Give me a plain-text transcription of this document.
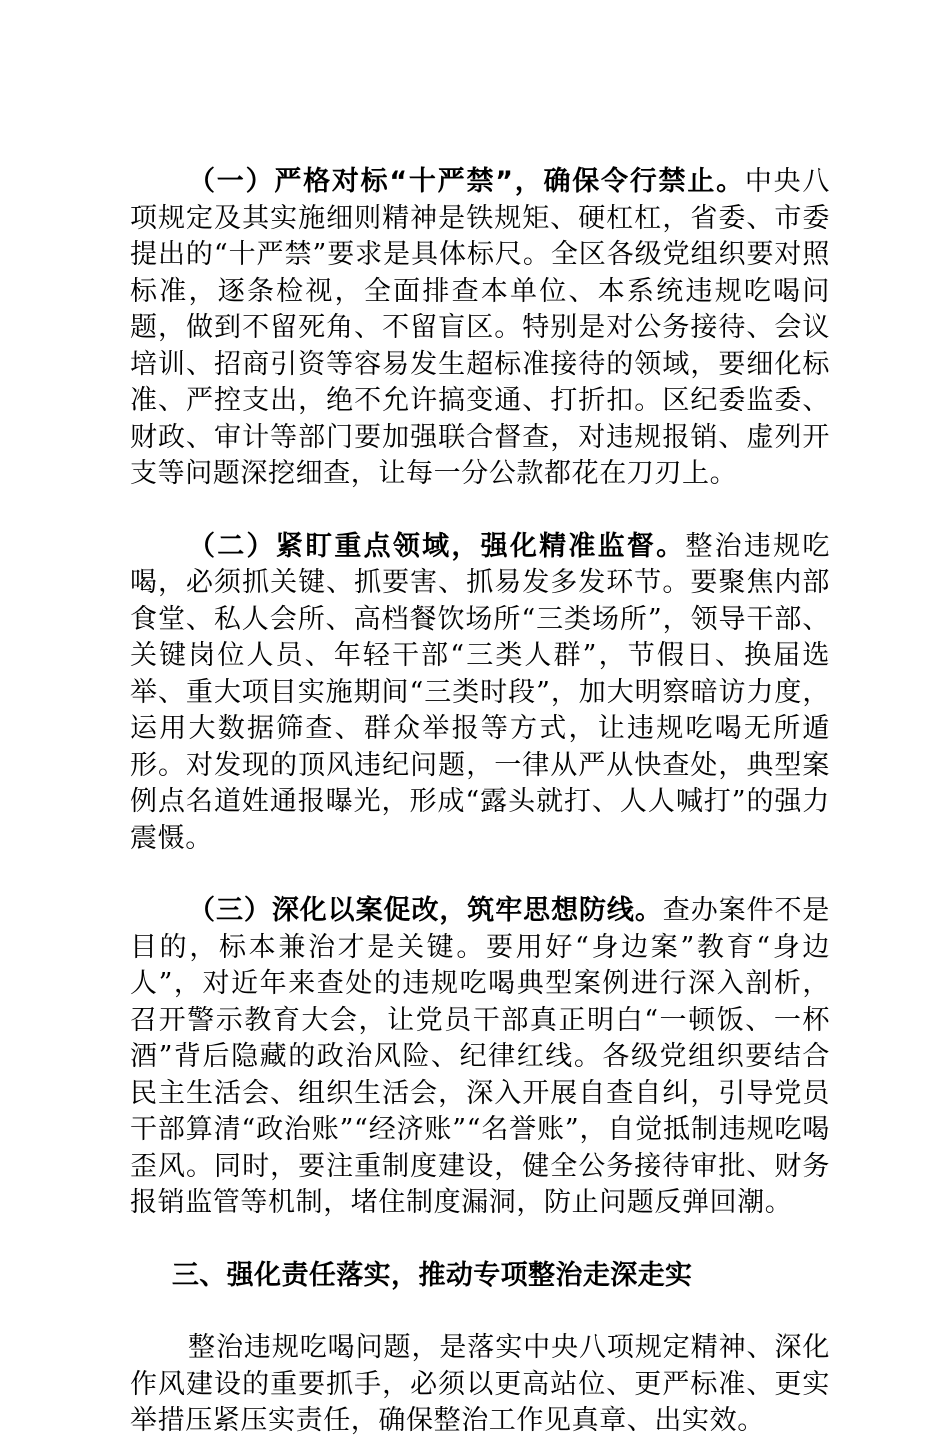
（一）严格对标“十严禁”，确保令行禁止。中央八项规定及其实施细则精神是铁规矩、硬杠杠，省委、市委提出的“十严禁”要求是具体标尺。全区各级党组织要对照标准，逐条检视，全面排查本单位、本系统违规吃喝问题，做到不留死角、不留盲区。特别是对公务接待、会议培训、招商引资等容易发生超标准接待的领域，要细化标准、严控支出，绝不允许搞变通、打折扣。区纪委监委、财政、审计等部门要加强联合督查，对违规报销、虚列开支等问题深挖细查，让每一分公款都花在刀刃上。

（二）紧盯重点领域，强化精准监督。整治违规吃喝，必须抓关键、抓要害、抓易发多发环节。要聚焦内部食堂、私人会所、高档餐饮场所“三类场所”，领导干部、关键岗位人员、年轻干部“三类人群”，节假日、换届选举、重大项目实施期间“三类时段”，加大明察暗访力度，运用大数据筛查、群众举报等方式，让违规吃喝无所遁形。对发现的顶风违纪问题，一律从严从快查处，典型案例点名道姓通报曝光，形成“露头就打、人人喊打”的强力震慑。

（三）深化以案促改，筑牢思想防线。查办案件不是目的，标本兼治才是关键。要用好“身边案”教育“身边人”，对近年来查处的违规吃喝典型案例进行深入剖析，召开警示教育大会，让党员干部真正明白“一顿饭、一杯酒”背后隐藏的政治风险、纪律红线。各级党组织要结合民主生活会、组织生活会，深入开展自查自纠，引导党员干部算清“政治账”“经济账”“名誉账”，自觉抵制违规吃喝歪风。同时，要注重制度建设，健全公务接待审批、财务报销监管等机制，堵住制度漏洞，防止问题反弹回潮。

三、强化责任落实，推动专项整治走深走实

整治违规吃喝问题，是落实中央八项规定精神、深化作风建设的重要抓手，必须以更高站位、更严标准、更实举措压紧压实责任，确保整治工作见真章、出实效。
